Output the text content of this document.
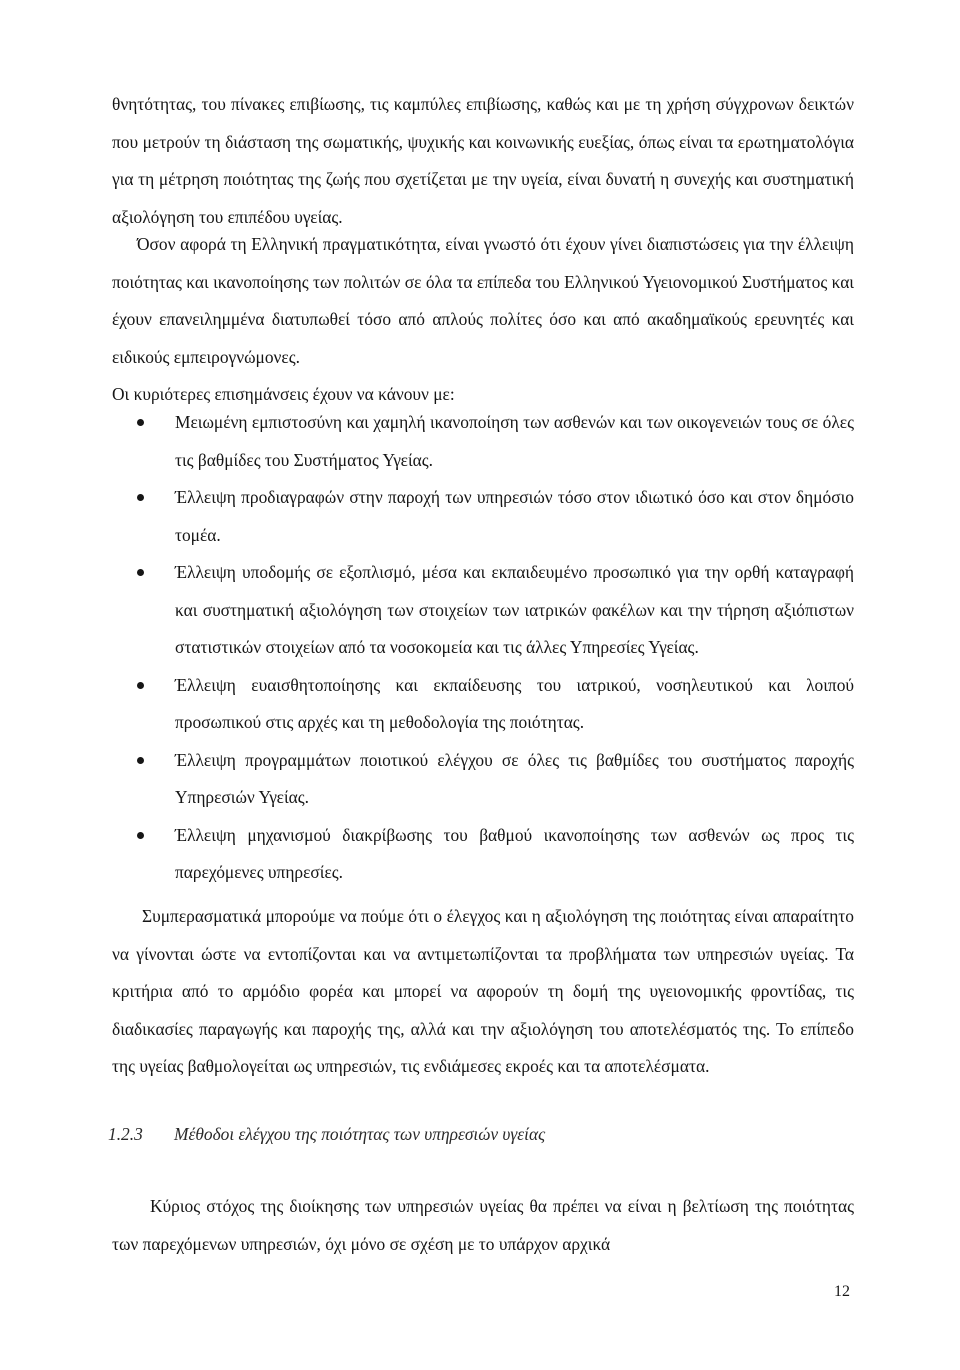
θνητότητας, του πίνακες επιβίωσης, τις καμπύλες επιβίωσης, καθώς και με τη χρήση σύγχρονων δεικτών που μετρούν τη διάσταση της σωματικής, ψυχικής και κοινωνικής ευεξίας, όπως είναι τα ερωτηματολόγια για τη μέτρηση ποιότητας της ζωής που σχετίζεται με την υγεία, είναι δυνατή η συνεχής και συστηματική αξιολόγηση του επιπέδου υγείας.

Όσον αφορά τη Ελληνική πραγματικότητα, είναι γνωστό ότι έχουν γίνει διαπιστώσεις για την έλλειψη ποιότητας και ικανοποίησης των πολιτών σε όλα τα επίπεδα του Ελληνικού Υγειονομικού Συστήματος και έχουν επανειλημμένα διατυπωθεί τόσο από απλούς πολίτες όσο και από ακαδημαϊκούς ερευνητές και ειδικούς εμπειρογνώμονες.

Οι κυριότερες επισημάνσεις έχουν να κάνουν με:

Μειωμένη εμπιστοσύνη και χαμηλή ικανοποίηση των ασθενών και των οικογενειών τους σε όλες τις βαθμίδες του Συστήματος Υγείας.
Έλλειψη προδιαγραφών στην παροχή των υπηρεσιών τόσο στον ιδιωτικό όσο και στον δημόσιο τομέα.
Έλλειψη υποδομής σε εξοπλισμό, μέσα και εκπαιδευμένο προσωπικό για την ορθή καταγραφή και συστηματική αξιολόγηση των στοιχείων των ιατρικών φακέλων και την τήρηση αξιόπιστων στατιστικών στοιχείων από τα νοσοκομεία και τις άλλες Υπηρεσίες Υγείας.
Έλλειψη ευαισθητοποίησης και εκπαίδευσης του ιατρικού, νοσηλευτικού και λοιπού προσωπικού στις αρχές και τη μεθοδολογία της ποιότητας.
Έλλειψη προγραμμάτων ποιοτικού ελέγχου σε όλες τις βαθμίδες του συστήματος παροχής Υπηρεσιών Υγείας.
Έλλειψη μηχανισμού διακρίβωσης του βαθμού ικανοποίησης των ασθενών ως προς τις παρεχόμενες υπηρεσίες.

Συμπερασματικά μπορούμε να πούμε ότι ο έλεγχος και η αξιολόγηση της ποιότητας είναι απαραίτητο να γίνονται ώστε να εντοπίζονται και να αντιμετωπίζονται τα προβλήματα των υπηρεσιών υγείας. Τα κριτήρια από το αρμόδιο φορέα και μπορεί να αφορούν τη δομή της υγειονομικής φροντίδας, τις διαδικασίες παραγωγής και παροχής της, αλλά και την αξιολόγηση του αποτελέσματός της. Το επίπεδο της υγείας βαθμολογείται ως υπηρεσιών, τις ενδιάμεσες εκροές και τα αποτελέσματα.

1.2.3 Μέθοδοι ελέγχου της ποιότητας των υπηρεσιών υγείας

Κύριος στόχος της διοίκησης των υπηρεσιών υγείας θα πρέπει να είναι η βελτίωση της ποιότητας των παρεχόμενων υπηρεσιών, όχι μόνο σε σχέση με το υπάρχον αρχικά

12
